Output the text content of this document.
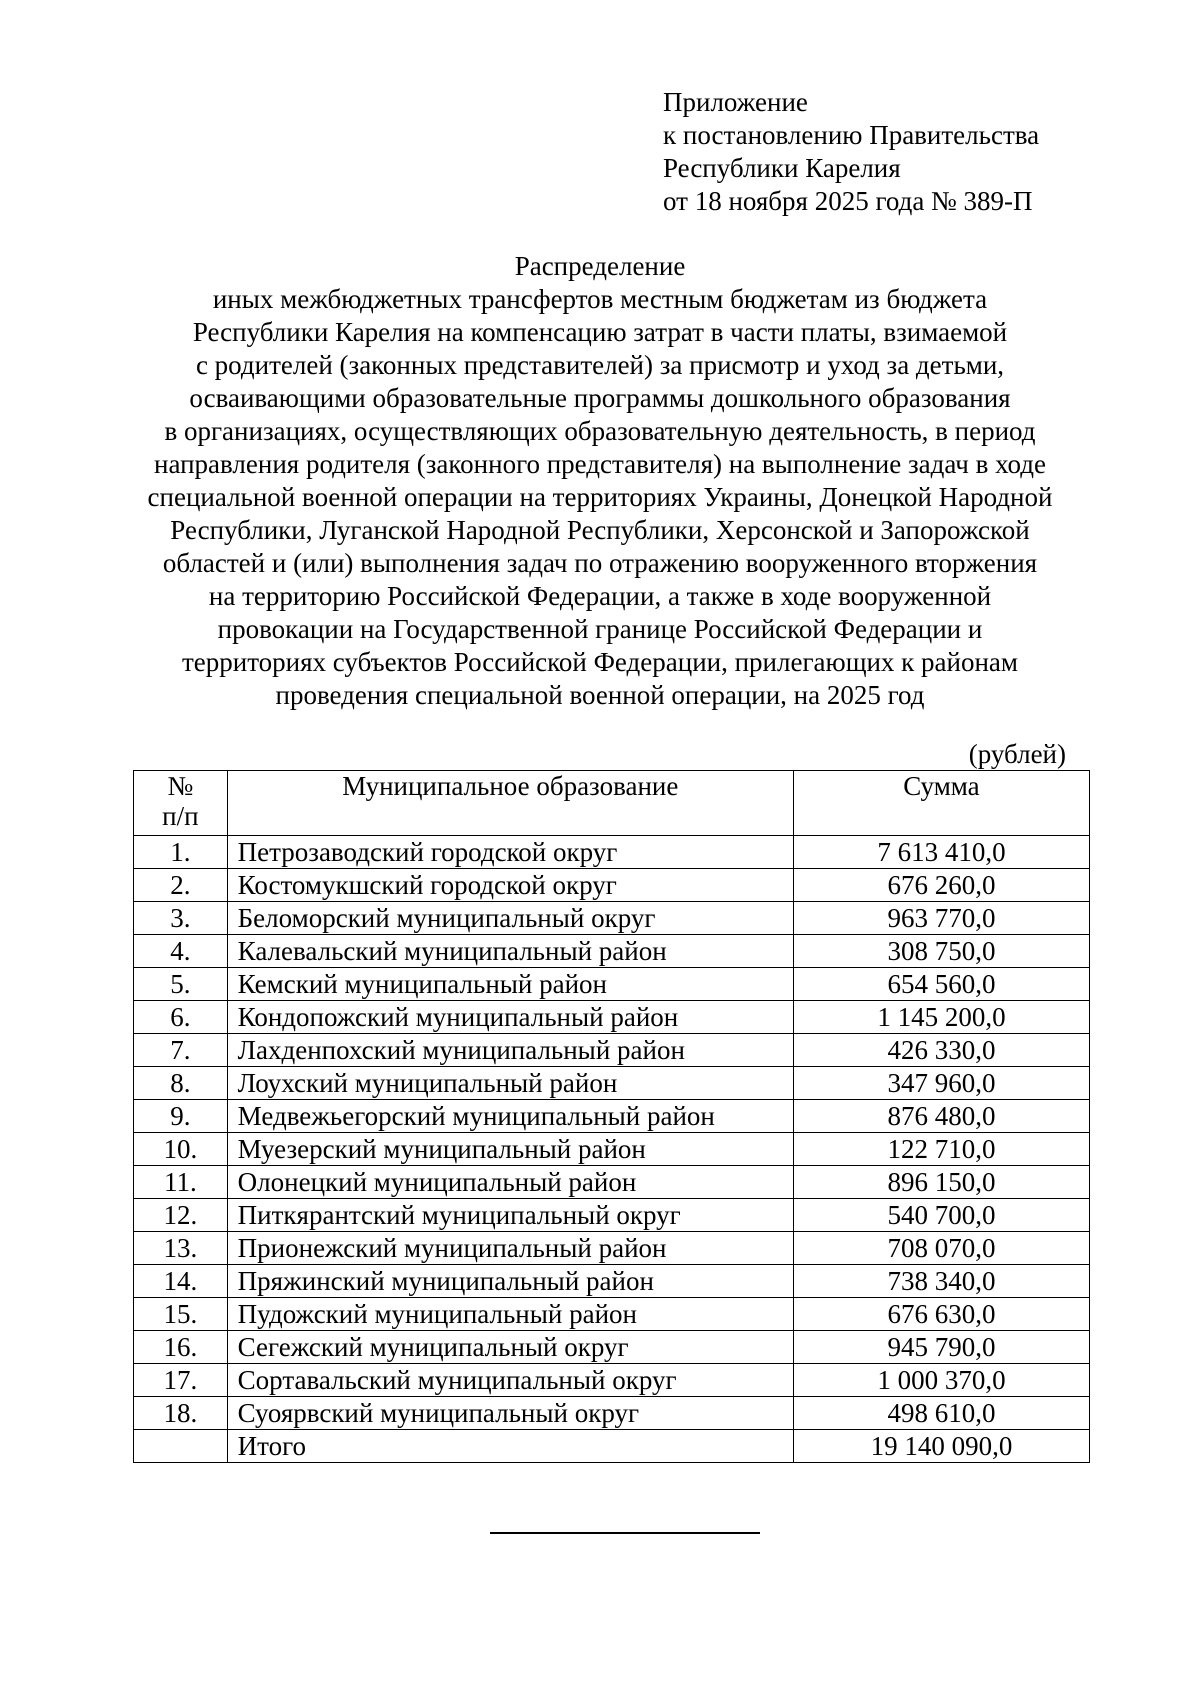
Приложение
к постановлению Правительства
Республики Карелия
от 18 ноября 2025 года № 389-П
Распределение
иных межбюджетных трансфертов местным бюджетам из бюджета
Республики Карелия на компенсацию затрат в части платы, взимаемой
с родителей (законных представителей) за присмотр и уход за детьми,
осваивающими образовательные программы дошкольного образования
в организациях, осуществляющих образовательную деятельность, в период
направления родителя (законного представителя) на выполнение задач в ходе
специальной военной операции на территориях Украины, Донецкой Народной
Республики, Луганской Народной Республики, Херсонской и Запорожской
областей и (или) выполнения задач по отражению вооруженного вторжения
на территорию Российской Федерации, а также в ходе вооруженной
провокации на Государственной границе Российской Федерации и
территориях субъектов Российской Федерации, прилегающих к районам
проведения специальной военной операции, на 2025 год
(рублей)
№
п/п	Муниципальное образование	Сумма
1.	Петрозаводский городской округ	7 613 410,0
2.	Костомукшский городской округ	676 260,0
3.	Беломорский муниципальный округ	963 770,0
4.	Калевальский муниципальный район	308 750,0
5.	Кемский муниципальный район	654 560,0
6.	Кондопожский муниципальный район	1 145 200,0
7.	Лахденпохский муниципальный район	426 330,0
8.	Лоухский муниципальный район	347 960,0
9.	Медвежьегорский муниципальный район	876 480,0
10.	Муезерский муниципальный район	122 710,0
11.	Олонецкий муниципальный район	896 150,0
12.	Питкярантский муниципальный округ	540 700,0
13.	Прионежский муниципальный район	708 070,0
14.	Пряжинский муниципальный район	738 340,0
15.	Пудожский муниципальный район	676 630,0
16.	Сегежский муниципальный округ	945 790,0
17.	Сортавальский муниципальный округ	1 000 370,0
18.	Суоярвский муниципальный округ	498 610,0
	Итого	19 140 090,0
